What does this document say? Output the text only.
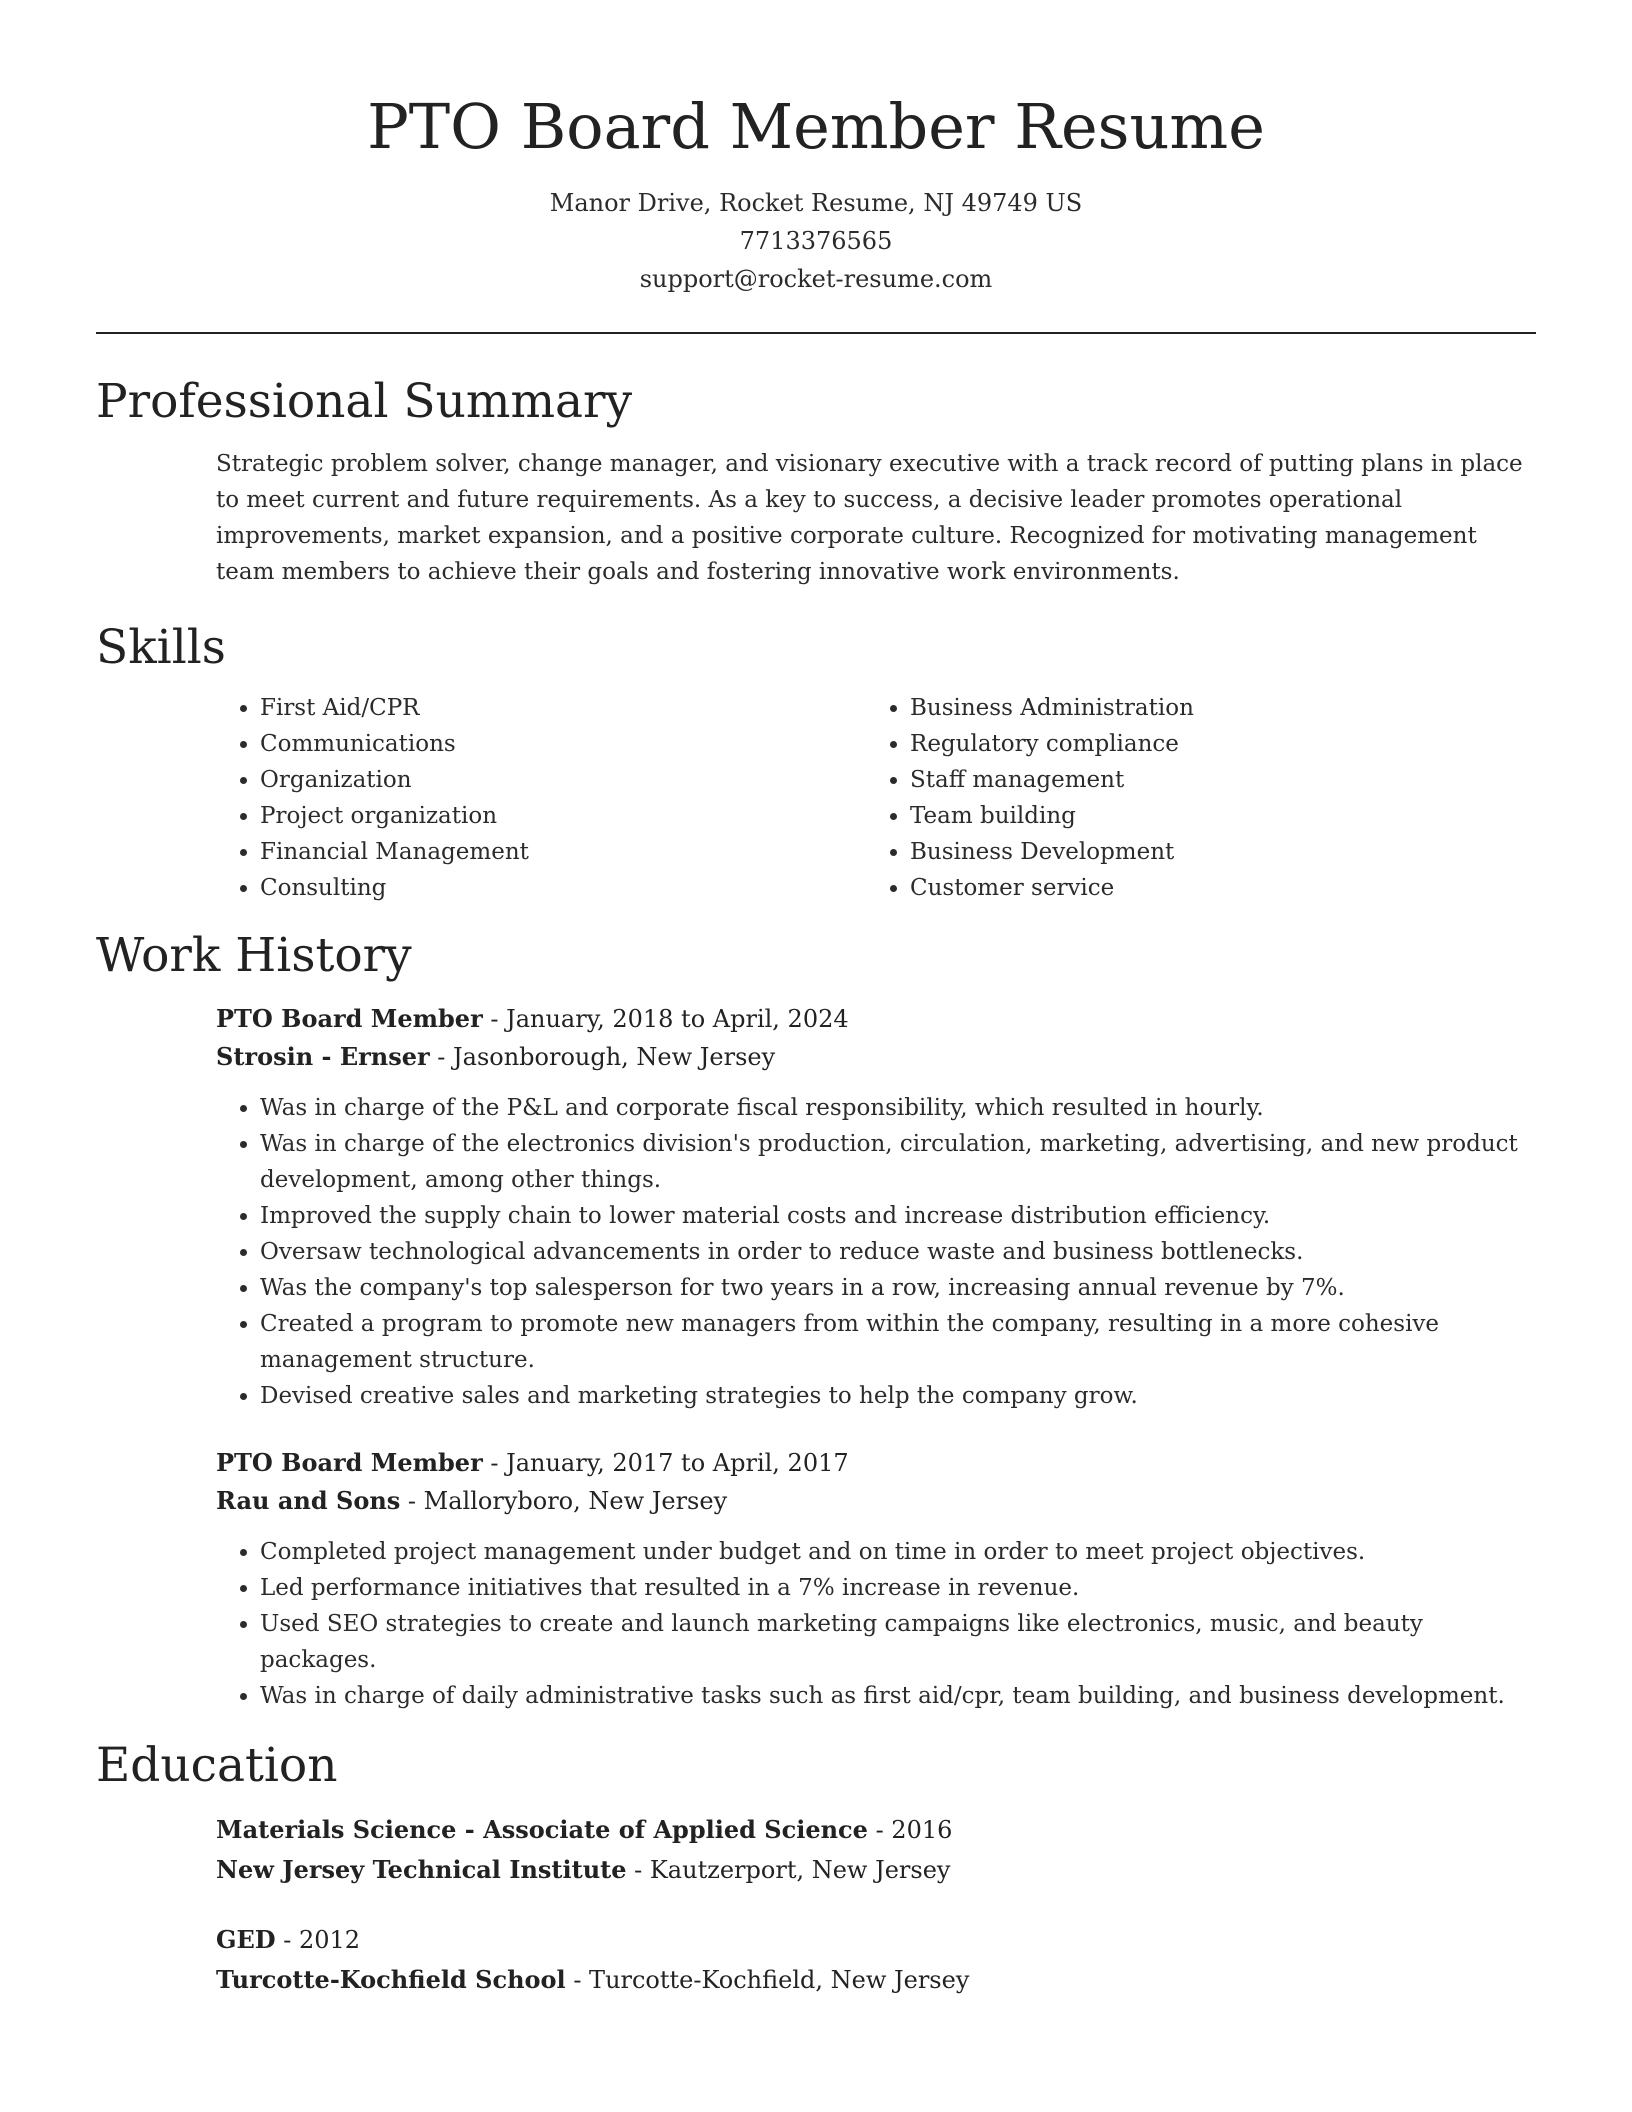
PTO Board Member Resume
Manor Drive, Rocket Resume, NJ 49749 US
7713376565
support@rocket-resume.com
Professional Summary

Strategic problem solver, change manager, and visionary executive with a track record of putting plans in place to meet current and future requirements. As a key to success, a decisive leader promotes operational improvements, market expansion, and a positive corporate culture. Recognized for motivating management team members to achieve their goals and fostering innovative work environments.

Skills
• First Aid/CPR
• Communications
• Organization
• Project organization
• Financial Management
• Consulting
• Business Administration
• Regulatory compliance
• Staff management
• Team building
• Business Development
• Customer service
Work History
PTO Board Member - January, 2018 to April, 2024
Strosin - Ernser - Jasonborough, New Jersey
• Was in charge of the P&L and corporate fiscal responsibility, which resulted in hourly.
• Was in charge of the electronics division's production, circulation, marketing, advertising, and new product development, among other things.
• Improved the supply chain to lower material costs and increase distribution efficiency.
• Oversaw technological advancements in order to reduce waste and business bottlenecks.
• Was the company's top salesperson for two years in a row, increasing annual revenue by 7%.
• Created a program to promote new managers from within the company, resulting in a more cohesive management structure.
• Devised creative sales and marketing strategies to help the company grow.
PTO Board Member - January, 2017 to April, 2017
Rau and Sons - Malloryboro, New Jersey
• Completed project management under budget and on time in order to meet project objectives.
• Led performance initiatives that resulted in a 7% increase in revenue.
• Used SEO strategies to create and launch marketing campaigns like electronics, music, and beauty packages.
• Was in charge of daily administrative tasks such as first aid/cpr, team building, and business development.
Education
Materials Science - Associate of Applied Science - 2016
New Jersey Technical Institute - Kautzerport, New Jersey
GED - 2012
Turcotte-Kochfield School - Turcotte-Kochfield, New Jersey
